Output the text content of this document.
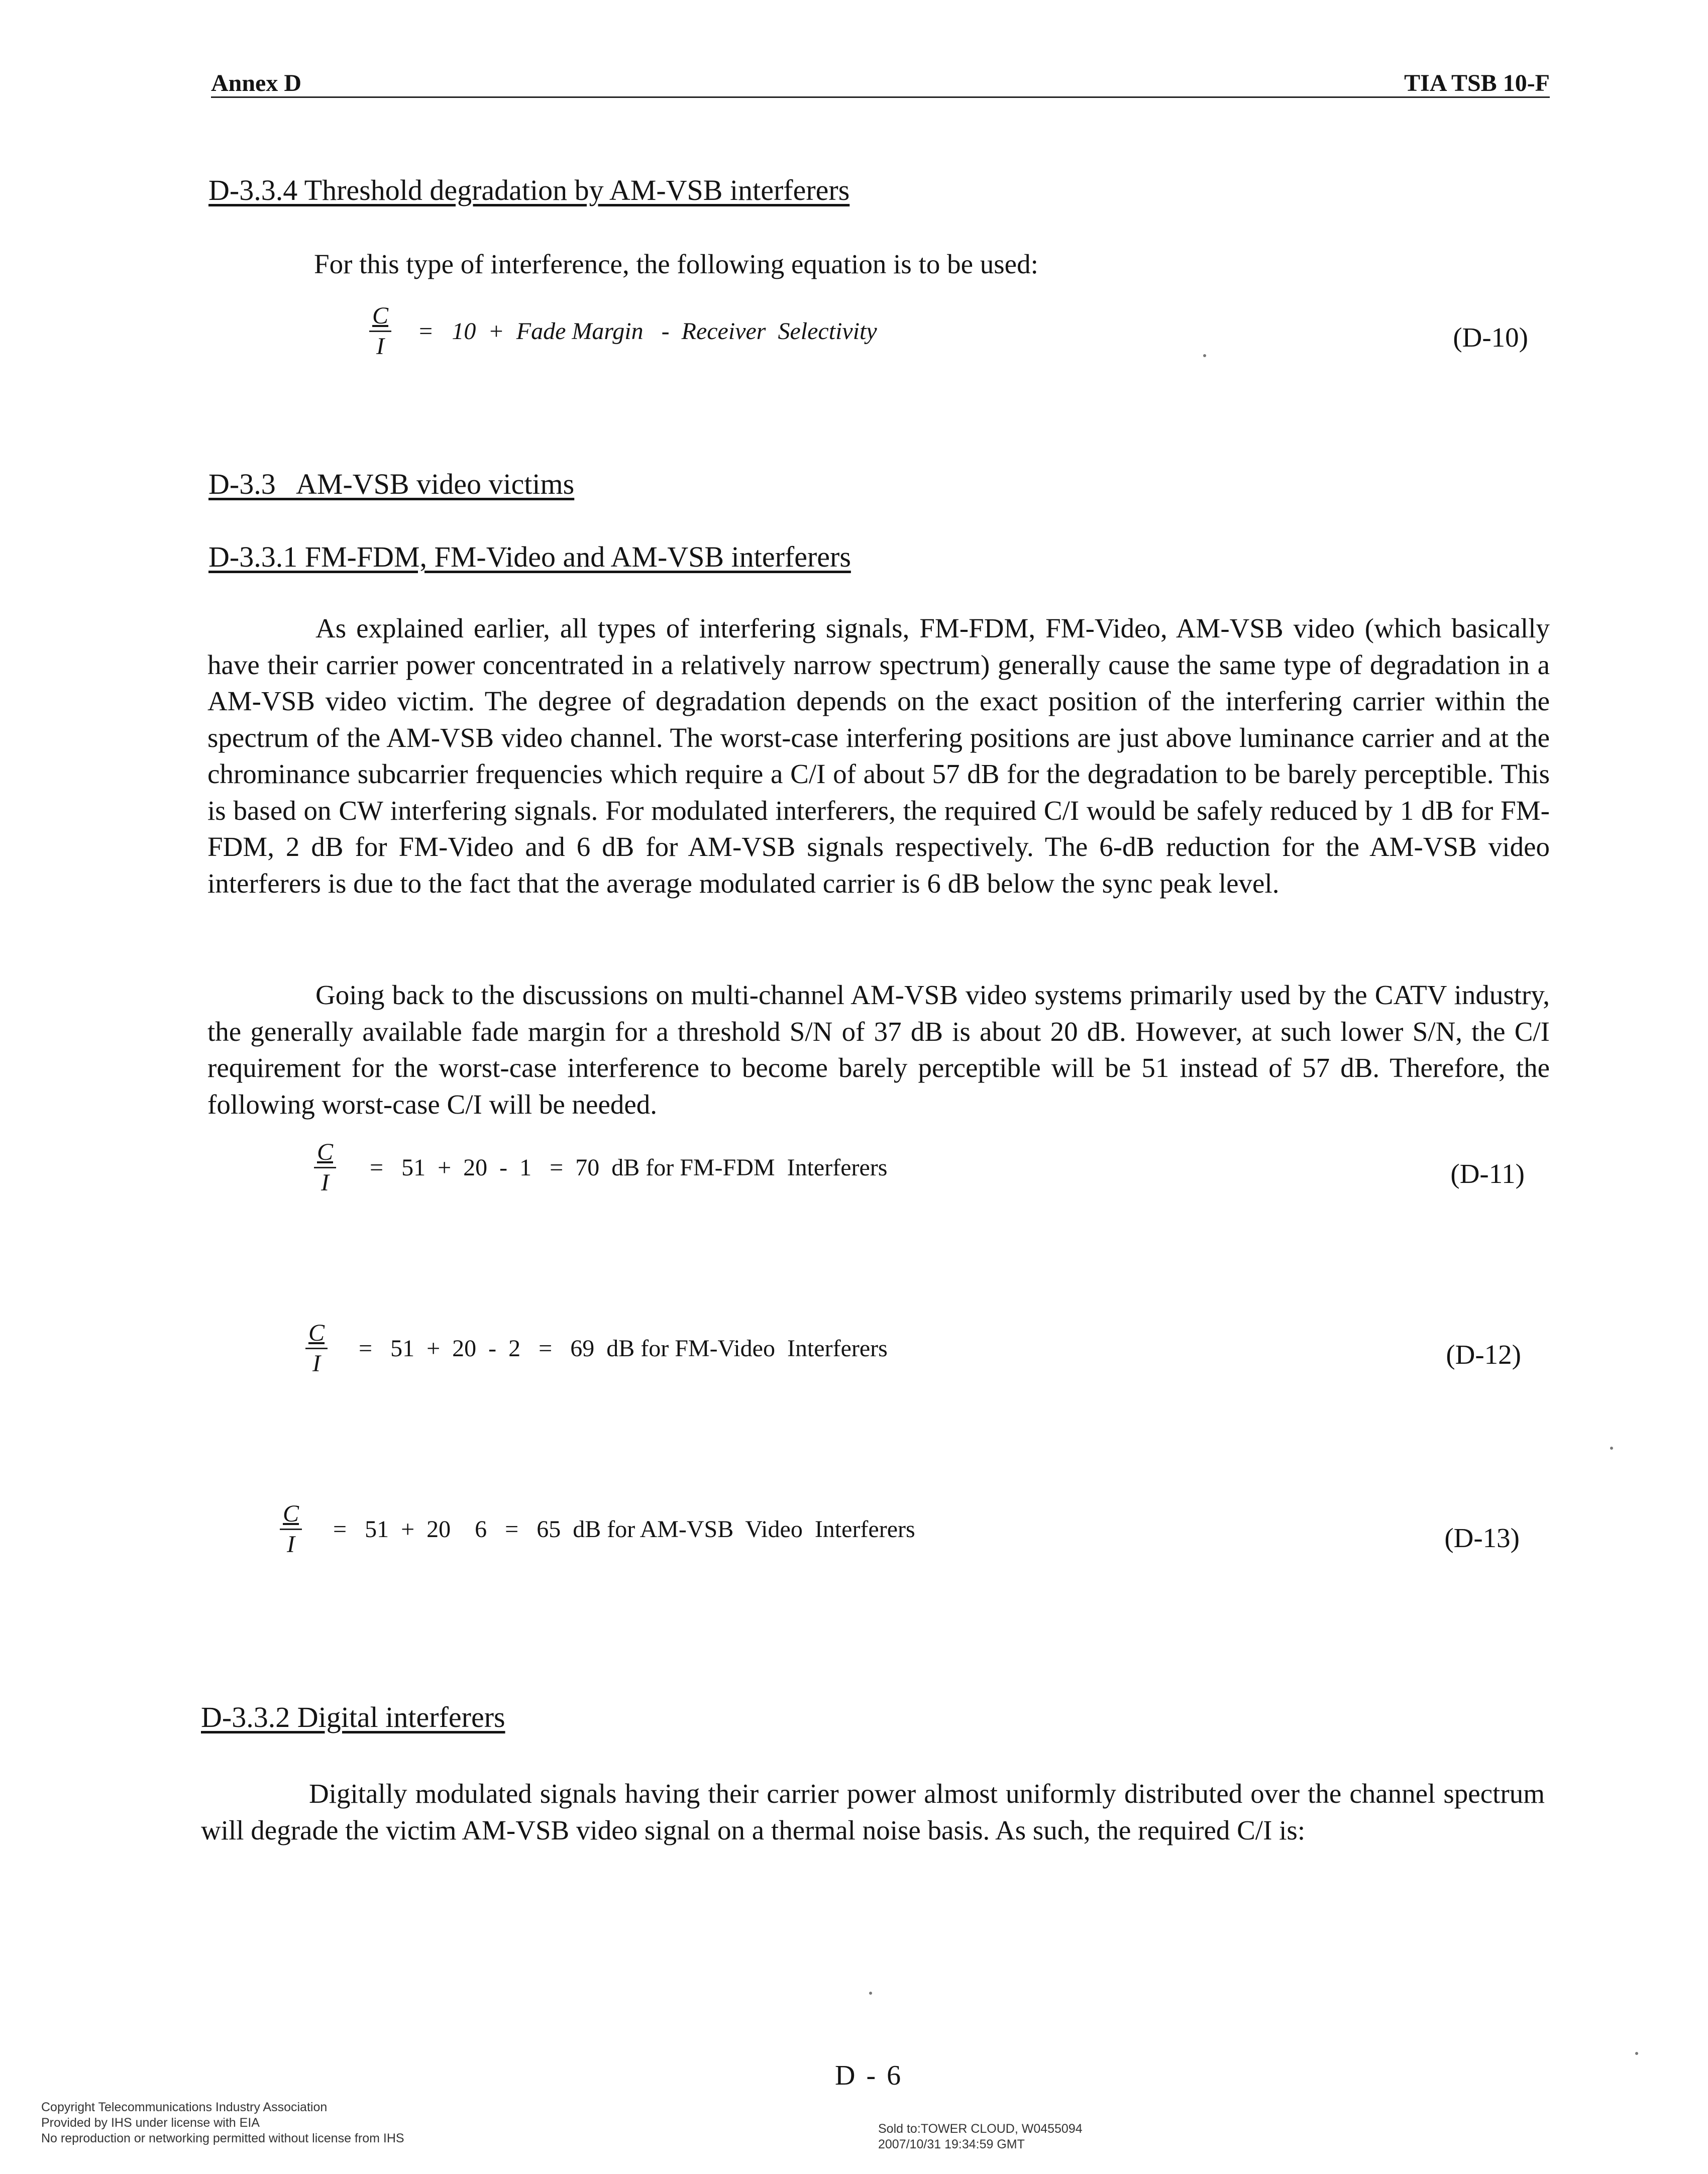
Annex D	TIA TSB 10-F
D-3.3.4 Threshold degradation by AM-VSB interferers
For this type of interference, the following equation is to be used:
$\frac{C}{I} = 10$  +  Fade Margin   -  Receiver  Selectivity	(D-10)
D-3.3   AM-VSB video victims
D-3.3.1 FM-FDM, FM-Video and AM-VSB interferers
As explained earlier, all types of interfering signals, FM-FDM, FM-Video, AM-VSB video (which basically have their carrier power concentrated in a relatively narrow spectrum) generally cause the same type of degradation in a AM-VSB video victim. The degree of degradation depends on the exact position of the interfering carrier within the spectrum of the AM-VSB video channel. The worst-case interfering positions are just above luminance carrier and at the chrominance subcarrier frequencies which require a C/I of about 57 dB for the degradation to be barely perceptible. This is based on CW interfering signals. For modulated interferers, the required C/I would be safely reduced by 1 dB for FM-FDM, 2 dB for FM-Video and 6 dB for AM-VSB signals respectively. The 6-dB reduction for the AM-VSB video interferers is due to the fact that the average modulated carrier is 6 dB below the sync peak level.
Going back to the discussions on multi-channel AM-VSB video systems primarily used by the CATV industry, the generally available fade margin for a threshold S/N of 37 dB is about 20 dB. However, at such lower S/N, the C/I requirement for the worst-case interference to become barely perceptible will be 51 instead of 57 dB. Therefore, the following worst-case C/I will be needed.
$\frac{C}{I} = 51 + 20 - 1 = 70$  dB for FM-FDM  Interferers	(D-11)
$\frac{C}{I} = 51 + 20 - 2 = 69$  dB for FM-Video  Interferers	(D-12)
$\frac{C}{I} = 51 + 20$    6   =   65  dB for AM-VSB  Video  Interferers	(D-13)
D-3.3.2 Digital interferers
Digitally modulated signals having their carrier power almost uniformly distributed over the channel spectrum will degrade the victim AM-VSB video signal on a thermal noise basis. As such, the required C/I is:
D - 6
Copyright Telecommunications Industry Association
Provided by IHS under license with EIA
No reproduction or networking permitted without license from IHS
Sold to:TOWER CLOUD, W0455094
2007/10/31 19:34:59 GMT
